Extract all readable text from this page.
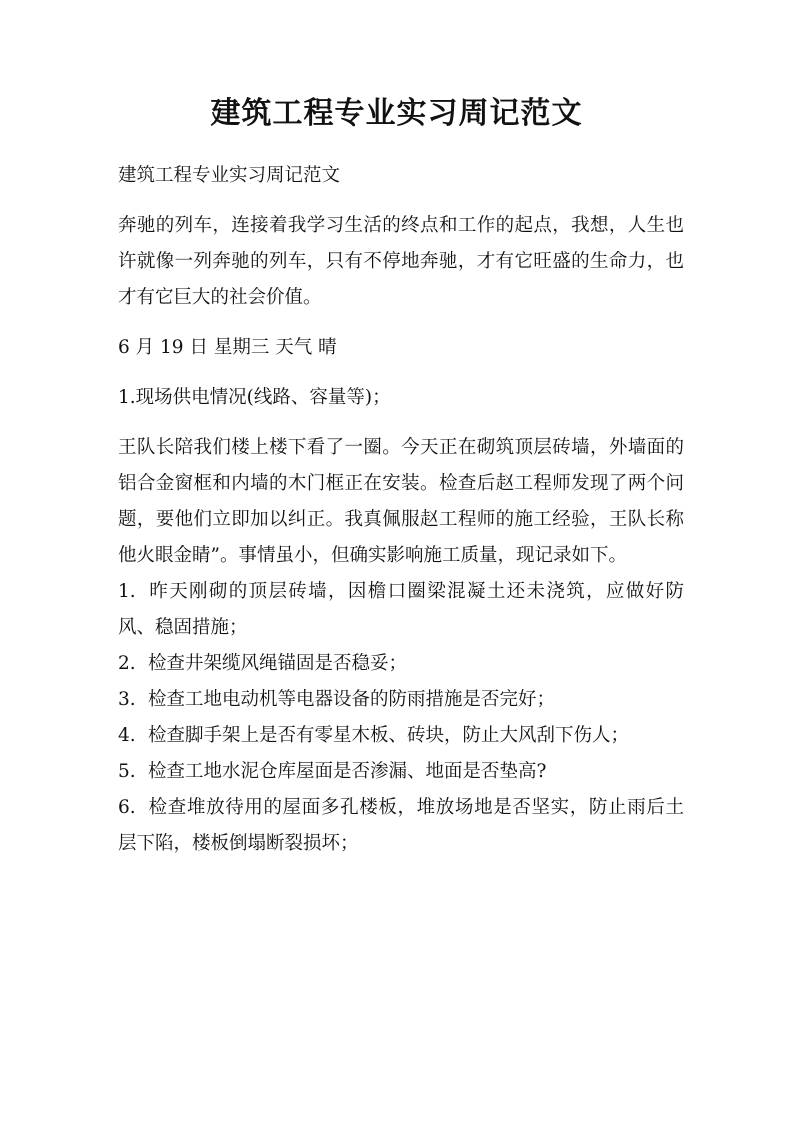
建筑工程专业实习周记范文

建筑工程专业实习周记范文

奔驰的列车，连接着我学习生活的终点和工作的起点，我想，人生也许就像一列奔驰的列车，只有不停地奔驰，才有它旺盛的生命力，也才有它巨大的社会价值。

6 月 19 日 星期三 天气 晴

1.现场供电情况(线路、容量等)；

王队长陪我们楼上楼下看了一圈。今天正在砌筑顶层砖墙，外墙面的铝合金窗框和内墙的木门框正在安装。检查后赵工程师发现了两个问题，要他们立即加以纠正。我真佩服赵工程师的施工经验，王队长称他火眼金睛”。事情虽小，但确实影响施工质量，现记录如下。

1. 昨天刚砌的顶层砖墙，因檐口圈梁混凝土还未浇筑，应做好防风、稳固措施；

2. 检查井架缆风绳锚固是否稳妥；

3. 检查工地电动机等电器设备的防雨措施是否完好；

4. 检查脚手架上是否有零星木板、砖块，防止大风刮下伤人；

5. 检查工地水泥仓库屋面是否渗漏、地面是否垫高?

6. 检查堆放待用的屋面多孔楼板，堆放场地是否坚实，防止雨后土层下陷，楼板倒塌断裂损坏；
